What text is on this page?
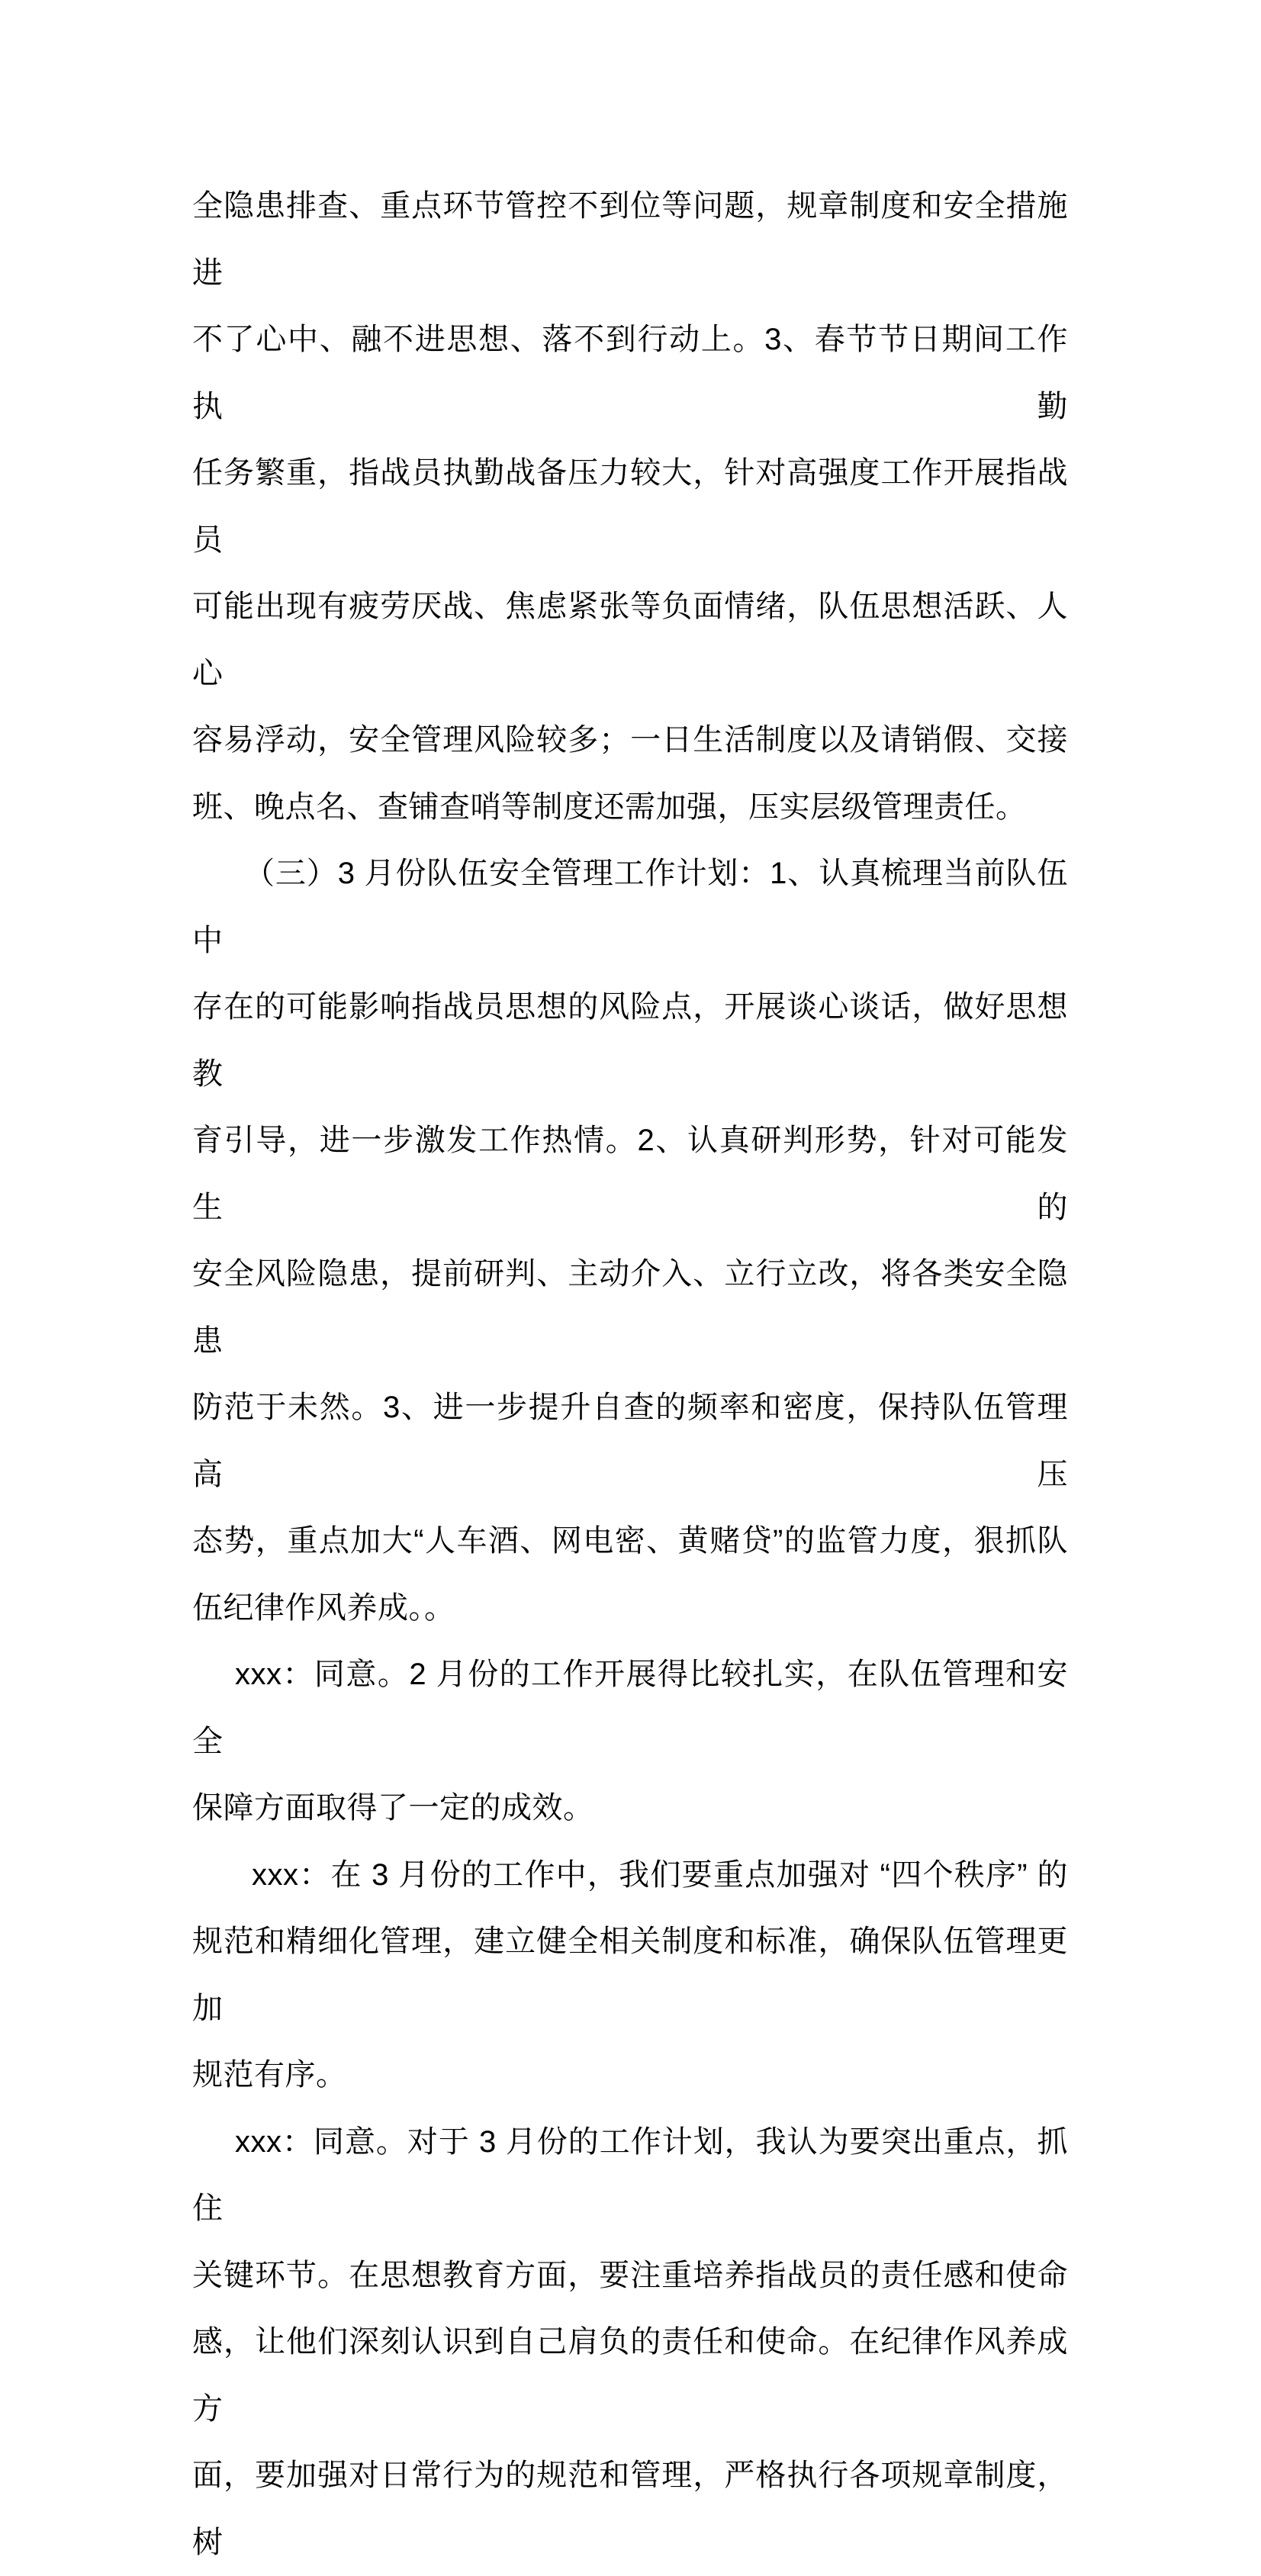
全隐患排查、重点环节管控不到位等问题，规章制度和安全措施进
不了心中、融不进思想、落不到行动上。3、春节节日期间工作执勤
任务繁重，指战员执勤战备压力较大，针对高强度工作开展指战员
可能出现有疲劳厌战、焦虑紧张等负面情绪，队伍思想活跃、人心
容易浮动，安全管理风险较多；一日生活制度以及请销假、交接
班、晚点名、查铺查哨等制度还需加强，压实层级管理责任。
（三）3 月份队伍安全管理工作计划：1、认真梳理当前队伍中
存在的可能影响指战员思想的风险点，开展谈心谈话，做好思想教
育引导，进一步激发工作热情。2、认真研判形势，针对可能发生的
安全风险隐患，提前研判、主动介入、立行立改，将各类安全隐患
防范于未然。3、进一步提升自查的频率和密度，保持队伍管理高压
态势，重点加大“人车酒、网电密、黄赌贷”的监管力度，狠抓队
伍纪律作风养成。。
xxx：同意。2 月份的工作开展得比较扎实，在队伍管理和安全
保障方面取得了一定的成效。
xxx：在 3 月份的工作中，我们要重点加强对 “四个秩序” 的
规范和精细化管理，建立健全相关制度和标准，确保队伍管理更加
规范有序。
xxx：同意。对于 3 月份的工作计划，我认为要突出重点，抓住
关键环节。在思想教育方面，要注重培养指战员的责任感和使命
感，让他们深刻认识到自己肩负的责任和使命。在纪律作风养成方
面，要加强对日常行为的规范和管理，严格执行各项规章制度，树
